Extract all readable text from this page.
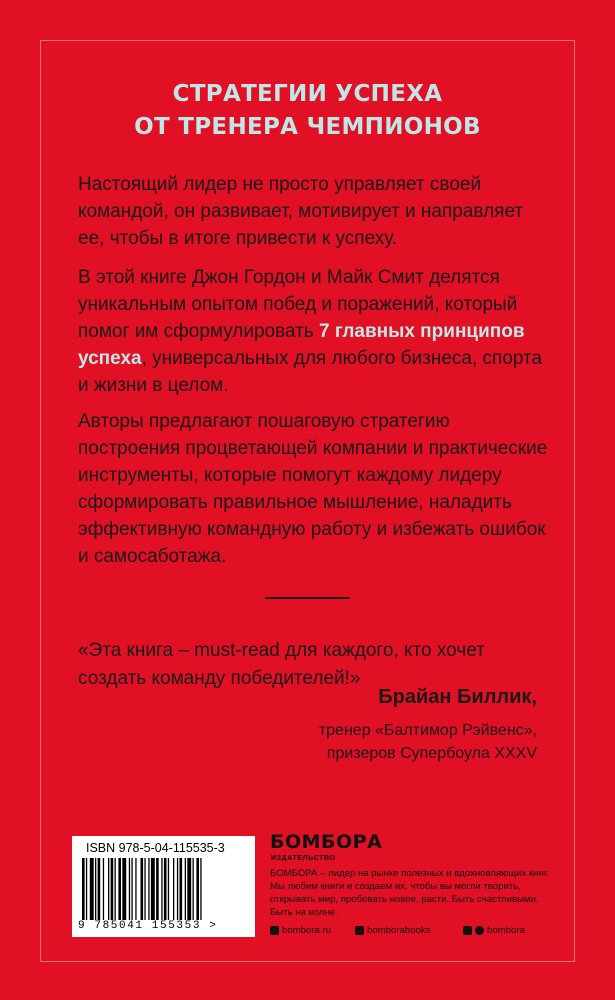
СТРАТЕГИИ УСПЕХА
ОТ ТРЕНЕРА ЧЕМПИОНОВ

Настоящий лидер не просто управляет своей командой, он развивает, мотивирует и направляет ее, чтобы в итоге привести к успеху.

В этой книге Джон Гордон и Майк Смит делятся уникальным опытом побед и поражений, который помог им сформулировать 7 главных принципов успеха, универсальных для любого бизнеса, спорта и жизни в целом.

Авторы предлагают пошаговую стратегию построения процветающей компании и практические инструменты, которые помогут каждому лидеру сформировать правильное мышление, наладить эффективную командную работу и избежать ошибок и самосаботажа.

«Эта книга – must-read для каждого, кто хочет создать команду победителей!»

Брайан Биллик,

тренер «Балтимор Рэйвенс»,

призеров Супербоула XXXV

ISBN 978-5-04-115535-3
9 785041 155353 >
БОМБОРА
ИЗДАТЕЛЬСТВО

БОМБОРА – лидер на рынке полезных и вдохновляющих книг. Мы любим книги и создаем их, чтобы вы могли творить, открывать мир, пробовать новое, расти. Быть счастливыми. Быть на волне.

bombora.ru	bomborabooks	bombora
